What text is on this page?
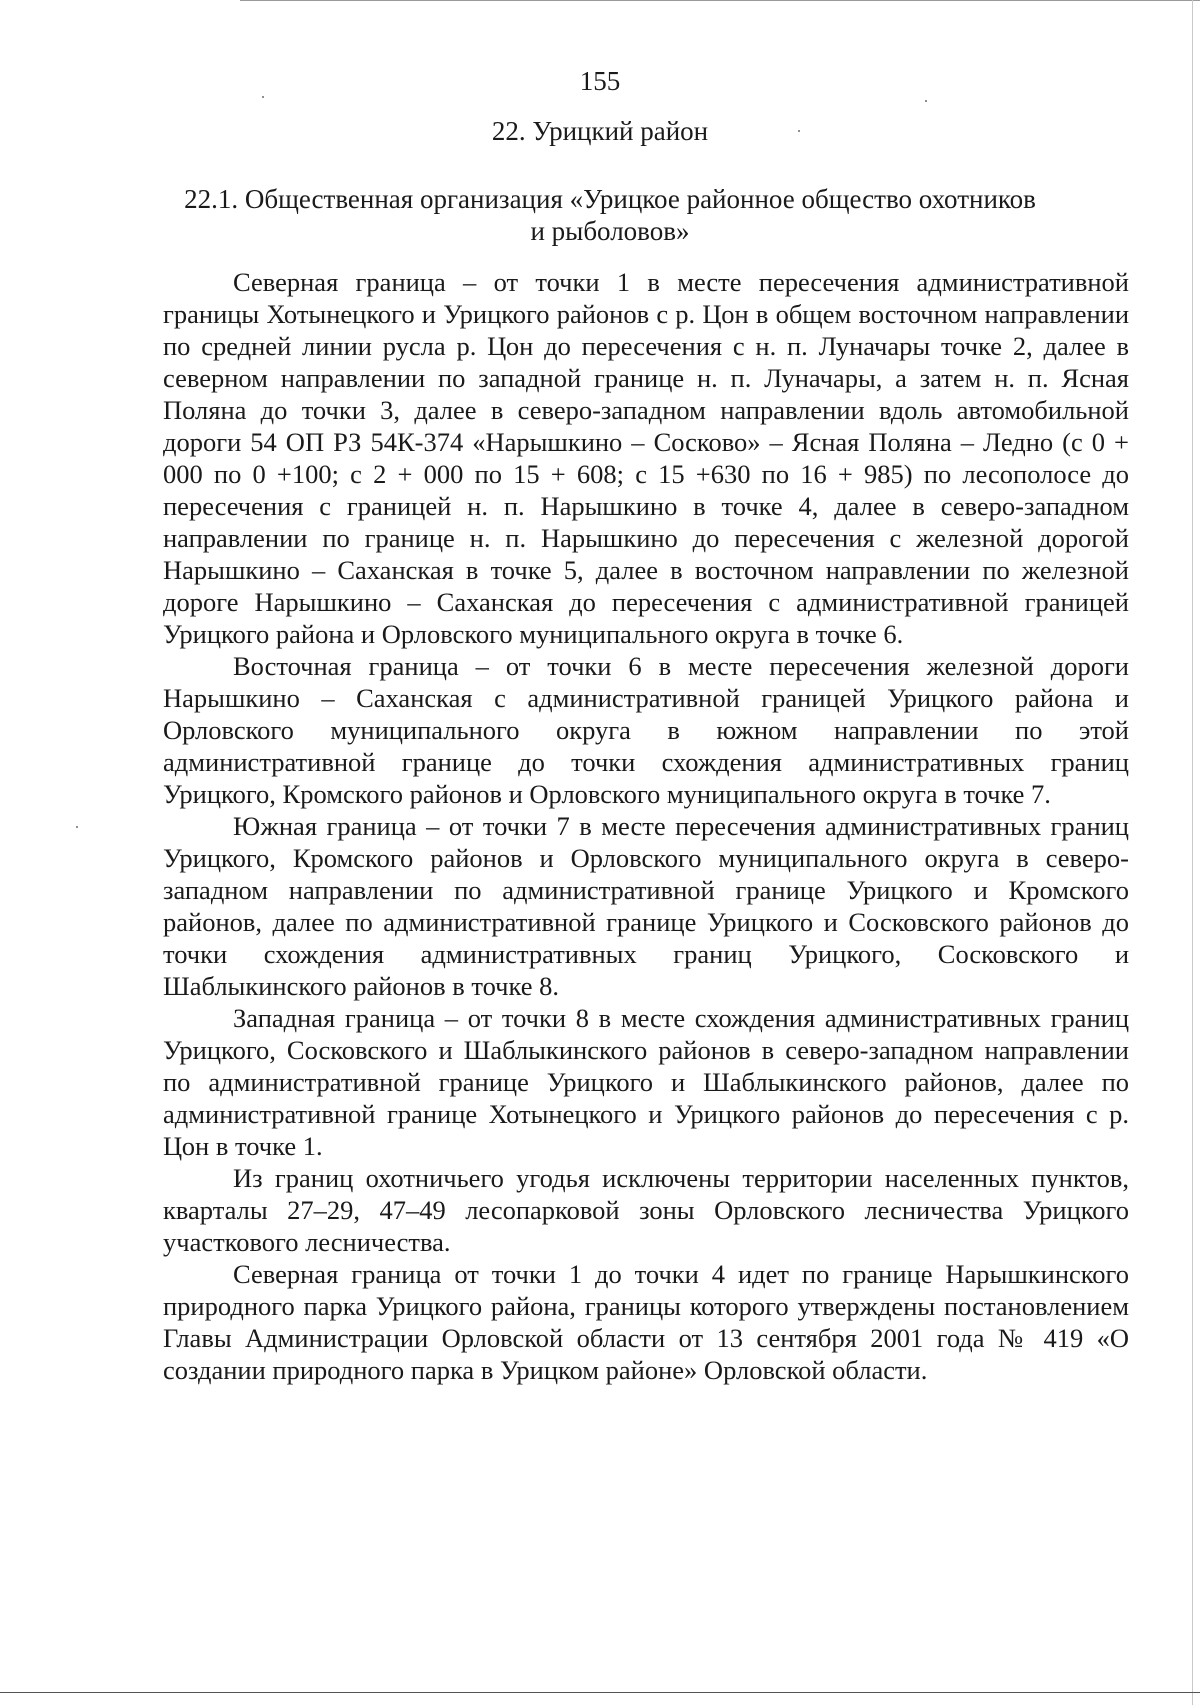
155
22. Урицкий район
22.1. Общественная организация «Урицкое районное общество охотников и рыболовов»

Северная граница – от точки 1 в месте пересечения административной границы Хотынецкого и Урицкого районов с р. Цон в общем восточном направлении по средней линии русла р. Цон до пересечения с н. п. Луначары точке 2, далее в северном направлении по западной границе н. п. Луначары, а затем н. п. Ясная Поляна до точки 3, далее в северо-западном направлении вдоль автомобильной дороги 54 ОП РЗ 54К-374 «Нарышкино – Сосково» – Ясная Поляна – Ледно (с 0 + 000 по 0 +100; с 2 + 000 по 15 + 608; с 15 +630 по 16 + 985) по лесополосе до пересечения с границей н. п. Нарышкино в точке 4, далее в северо-западном направлении по границе н. п. Нарышкино до пересечения с железной дорогой Нарышкино – Саханская в точке 5, далее в восточном направлении по железной дороге Нарышкино – Саханская до пересечения с административной границей Урицкого района и Орловского муниципального округа в точке 6.

Восточная граница – от точки 6 в месте пересечения железной дороги Нарышкино – Саханская с административной границей Урицкого района и Орловского муниципального округа в южном направлении по этой административной границе до точки схождения административных границ Урицкого, Кромского районов и Орловского муниципального округа в точке 7.

Южная граница – от точки 7 в месте пересечения административных границ Урицкого, Кромского районов и Орловского муниципального округа в северо-западном направлении по административной границе Урицкого и Кромского районов, далее по административной границе Урицкого и Сосковского районов до точки схождения административных границ Урицкого, Сосковского и Шаблыкинского районов в точке 8.

Западная граница – от точки 8 в месте схождения административных границ Урицкого, Сосковского и Шаблыкинского районов в северо-западном направлении по административной границе Урицкого и Шаблыкинского районов, далее по административной границе Хотынецкого и Урицкого районов до пересечения с р. Цон в точке 1.

Из границ охотничьего угодья исключены территории населенных пунктов, кварталы 27–29, 47–49 лесопарковой зоны Орловского лесничества Урицкого участкового лесничества.

Северная граница от точки 1 до точки 4 идет по границе Нарышкинского природного парка Урицкого района, границы которого утверждены постановлением Главы Администрации Орловской области от 13 сентября 2001 года № 419 «О создании природного парка в Урицком районе» Орловской области.
